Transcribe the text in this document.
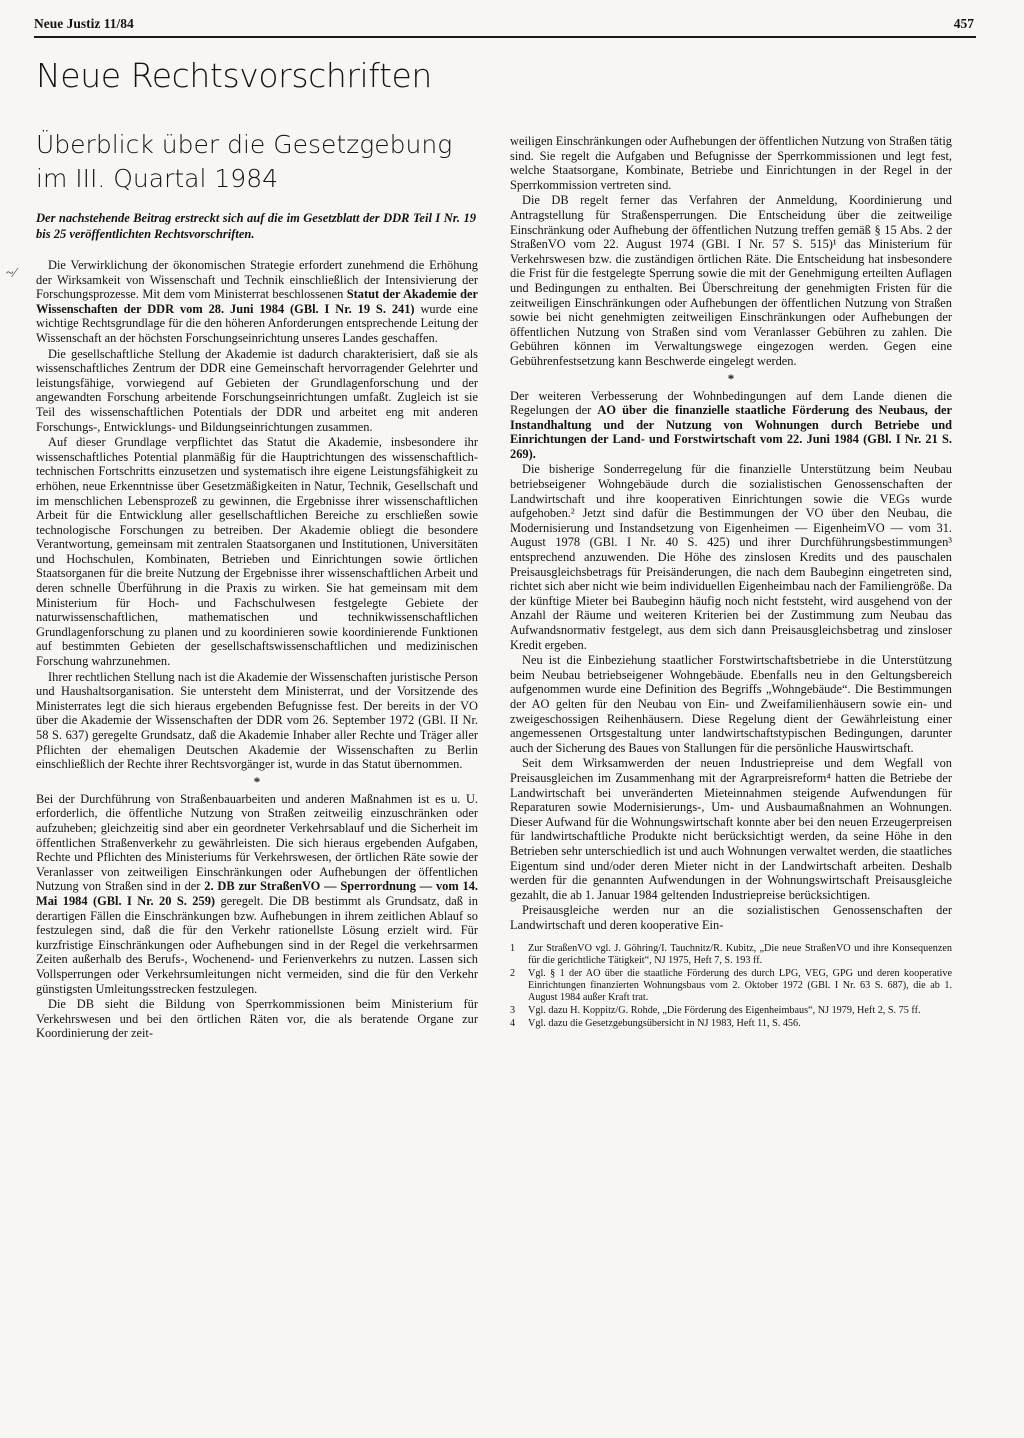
Neue Justiz 11/84	457
Neue Rechtsvorschriften
Überblick über die Gesetzgebung
im III. Quartal 1984

Der nachstehende Beitrag erstreckt sich auf die im Gesetzblatt der DDR Teil I Nr. 19 bis 25 veröffentlichten Rechtsvorschriften.

~∕

Die Verwirklichung der ökonomischen Strategie erfordert zunehmend die Erhöhung der Wirksamkeit von Wissenschaft und Technik einschließlich der Intensivierung der Forschungsprozesse. Mit dem vom Ministerrat beschlossenen Statut der Akademie der Wissenschaften der DDR vom 28. Juni 1984 (GBl. I Nr. 19 S. 241) wurde eine wichtige Rechtsgrundlage für die den höheren Anforderungen entsprechende Leitung der Wissenschaft an der höchsten Forschungseinrichtung unseres Landes geschaffen.

Die gesellschaftliche Stellung der Akademie ist dadurch charakterisiert, daß sie als wissenschaftliches Zentrum der DDR eine Gemeinschaft hervorragender Gelehrter und leistungsfähige, vorwiegend auf Gebieten der Grundlagenforschung und der angewandten Forschung arbeitende Forschungseinrichtungen umfaßt. Zugleich ist sie Teil des wissenschaftlichen Potentials der DDR und arbeitet eng mit anderen Forschungs-, Entwicklungs- und Bildungseinrichtungen zusammen.

Auf dieser Grundlage verpflichtet das Statut die Akademie, insbesondere ihr wissenschaftliches Potential planmäßig für die Hauptrichtungen des wissenschaftlich-technischen Fortschritts einzusetzen und systematisch ihre eigene Leistungsfähigkeit zu erhöhen, neue Erkenntnisse über Gesetzmäßigkeiten in Natur, Technik, Gesellschaft und im menschlichen Lebensprozeß zu gewinnen, die Ergebnisse ihrer wissenschaftlichen Arbeit für die Entwicklung aller gesellschaftlichen Bereiche zu erschließen sowie technologische Forschungen zu betreiben. Der Akademie obliegt die besondere Verantwortung, gemeinsam mit zentralen Staatsorganen und Institutionen, Universitäten und Hochschulen, Kombinaten, Betrieben und Einrichtungen sowie örtlichen Staatsorganen für die breite Nutzung der Ergebnisse ihrer wissenschaftlichen Arbeit und deren schnelle Überführung in die Praxis zu wirken. Sie hat gemeinsam mit dem Ministerium für Hoch- und Fachschulwesen festgelegte Gebiete der naturwissenschaftlichen, mathematischen und technikwissenschaftlichen Grundlagenforschung zu planen und zu koordinieren sowie koordinierende Funktionen auf bestimmten Gebieten der gesellschaftswissenschaftlichen und medizinischen Forschung wahrzunehmen.

Ihrer rechtlichen Stellung nach ist die Akademie der Wissenschaften juristische Person und Haushaltsorganisation. Sie untersteht dem Ministerrat, und der Vorsitzende des Ministerrates legt die sich hieraus ergebenden Befugnisse fest. Der bereits in der VO über die Akademie der Wissenschaften der DDR vom 26. September 1972 (GBl. II Nr. 58 S. 637) geregelte Grundsatz, daß die Akademie Inhaber aller Rechte und Träger aller Pflichten der ehemaligen Deutschen Akademie der Wissenschaften zu Berlin einschließlich der Rechte ihrer Rechtsvorgänger ist, wurde in das Statut übernommen.

*

Bei der Durchführung von Straßenbauarbeiten und anderen Maßnahmen ist es u. U. erforderlich, die öffentliche Nutzung von Straßen zeitweilig einzuschränken oder aufzuheben; gleichzeitig sind aber ein geordneter Verkehrsablauf und die Sicherheit im öffentlichen Straßenverkehr zu gewährleisten. Die sich hieraus ergebenden Aufgaben, Rechte und Pflichten des Ministeriums für Verkehrswesen, der örtlichen Räte sowie der Veranlasser von zeitweiligen Einschränkungen oder Aufhebungen der öffentlichen Nutzung von Straßen sind in der 2. DB zur StraßenVO — Sperrordnung — vom 14. Mai 1984 (GBl. I Nr. 20 S. 259) geregelt. Die DB bestimmt als Grundsatz, daß in derartigen Fällen die Einschränkungen bzw. Aufhebungen in ihrem zeitlichen Ablauf so festzulegen sind, daß die für den Verkehr rationellste Lösung erzielt wird. Für kurzfristige Einschränkungen oder Aufhebungen sind in der Regel die verkehrsarmen Zeiten außerhalb des Berufs-, Wochenend- und Ferienverkehrs zu nutzen. Lassen sich Vollsperrungen oder Verkehrsumleitungen nicht vermeiden, sind die für den Verkehr günstigsten Umleitungsstrecken festzulegen.

Die DB sieht die Bildung von Sperrkommissionen beim Ministerium für Verkehrswesen und bei den örtlichen Räten vor, die als beratende Organe zur Koordinierung der zeit-

weiligen Einschränkungen oder Aufhebungen der öffentlichen Nutzung von Straßen tätig sind. Sie regelt die Aufgaben und Befugnisse der Sperrkommissionen und legt fest, welche Staatsorgane, Kombinate, Betriebe und Einrichtungen in der Regel in der Sperrkommission vertreten sind.

Die DB regelt ferner das Verfahren der Anmeldung, Koordinierung und Antragstellung für Straßensperrungen. Die Entscheidung über die zeitweilige Einschränkung oder Aufhebung der öffentlichen Nutzung treffen gemäß § 15 Abs. 2 der StraßenVO vom 22. August 1974 (GBl. I Nr. 57 S. 515)¹ das Ministerium für Verkehrswesen bzw. die zuständigen örtlichen Räte. Die Entscheidung hat insbesondere die Frist für die festgelegte Sperrung sowie die mit der Genehmigung erteilten Auflagen und Bedingungen zu enthalten. Bei Überschreitung der genehmigten Fristen für die zeitweiligen Einschränkungen oder Aufhebungen der öffentlichen Nutzung von Straßen sowie bei nicht genehmigten zeitweiligen Einschränkungen oder Aufhebungen der öffentlichen Nutzung von Straßen sind vom Veranlasser Gebühren zu zahlen. Die Gebühren können im Verwaltungswege eingezogen werden. Gegen eine Gebührenfestsetzung kann Beschwerde eingelegt werden.

*

Der weiteren Verbesserung der Wohnbedingungen auf dem Lande dienen die Regelungen der AO über die finanzielle staatliche Förderung des Neubaus, der Instandhaltung und der Nutzung von Wohnungen durch Betriebe und Einrichtungen der Land- und Forstwirtschaft vom 22. Juni 1984 (GBl. I Nr. 21 S. 269).

Die bisherige Sonderregelung für die finanzielle Unterstützung beim Neubau betriebseigener Wohngebäude durch die sozialistischen Genossenschaften der Landwirtschaft und ihre kooperativen Einrichtungen sowie die VEGs wurde aufgehoben.² Jetzt sind dafür die Bestimmungen der VO über den Neubau, die Modernisierung und Instandsetzung von Eigenheimen — EigenheimVO — vom 31. August 1978 (GBl. I Nr. 40 S. 425) und ihrer Durchführungsbestimmungen³ entsprechend anzuwenden. Die Höhe des zinslosen Kredits und des pauschalen Preisausgleichsbetrags für Preisänderungen, die nach dem Baubeginn eingetreten sind, richtet sich aber nicht wie beim individuellen Eigenheimbau nach der Familiengröße. Da der künftige Mieter bei Baubeginn häufig noch nicht feststeht, wird ausgehend von der Anzahl der Räume und weiteren Kriterien bei der Zustimmung zum Neubau das Aufwandsnormativ festgelegt, aus dem sich dann Preisausgleichsbetrag und zinsloser Kredit ergeben.

Neu ist die Einbeziehung staatlicher Forstwirtschaftsbetriebe in die Unterstützung beim Neubau betriebseigener Wohngebäude. Ebenfalls neu in den Geltungsbereich aufgenommen wurde eine Definition des Begriffs „Wohngebäude“. Die Bestimmungen der AO gelten für den Neubau von Ein- und Zweifamilienhäusern sowie ein- und zweigeschossigen Reihenhäusern. Diese Regelung dient der Gewährleistung einer angemessenen Ortsgestaltung unter landwirtschaftstypischen Bedingungen, darunter auch der Sicherung des Baues von Stallungen für die persönliche Hauswirtschaft.

Seit dem Wirksamwerden der neuen Industriepreise und dem Wegfall von Preisausgleichen im Zusammenhang mit der Agrarpreisreform⁴ hatten die Betriebe der Landwirtschaft bei unveränderten Mieteinnahmen steigende Aufwendungen für Reparaturen sowie Modernisierungs-, Um- und Ausbaumaßnahmen an Wohnungen. Dieser Aufwand für die Wohnungswirtschaft konnte aber bei den neuen Erzeugerpreisen für landwirtschaftliche Produkte nicht berücksichtigt werden, da seine Höhe in den Betrieben sehr unterschiedlich ist und auch Wohnungen verwaltet werden, die staatliches Eigentum sind und/oder deren Mieter nicht in der Landwirtschaft arbeiten. Deshalb werden für die genannten Aufwendungen in der Wohnungswirtschaft Preisausgleiche gezahlt, die ab 1. Januar 1984 geltenden Industriepreise berücksichtigen.

Preisausgleiche werden nur an die sozialistischen Genossenschaften der Landwirtschaft und deren kooperative Ein-

1 Zur StraßenVO vgl. J. Göhring/I. Tauchnitz/R. Kubitz, „Die neue StraßenVO und ihre Konsequenzen für die gerichtliche Tätigkeit“, NJ 1975, Heft 7, S. 193 ff.
2 Vgl. § 1 der AO über die staatliche Förderung des durch LPG, VEG, GPG und deren kooperative Einrichtungen finanzierten Wohnungsbaus vom 2. Oktober 1972 (GBl. I Nr. 63 S. 687), die ab 1. August 1984 außer Kraft trat.
3 Vgl. dazu H. Koppitz/G. Rohde, „Die Förderung des Eigenheimbaus“, NJ 1979, Heft 2, S. 75 ff.
4 Vgl. dazu die Gesetzgebungsübersicht in NJ 1983, Heft 11, S. 456.
